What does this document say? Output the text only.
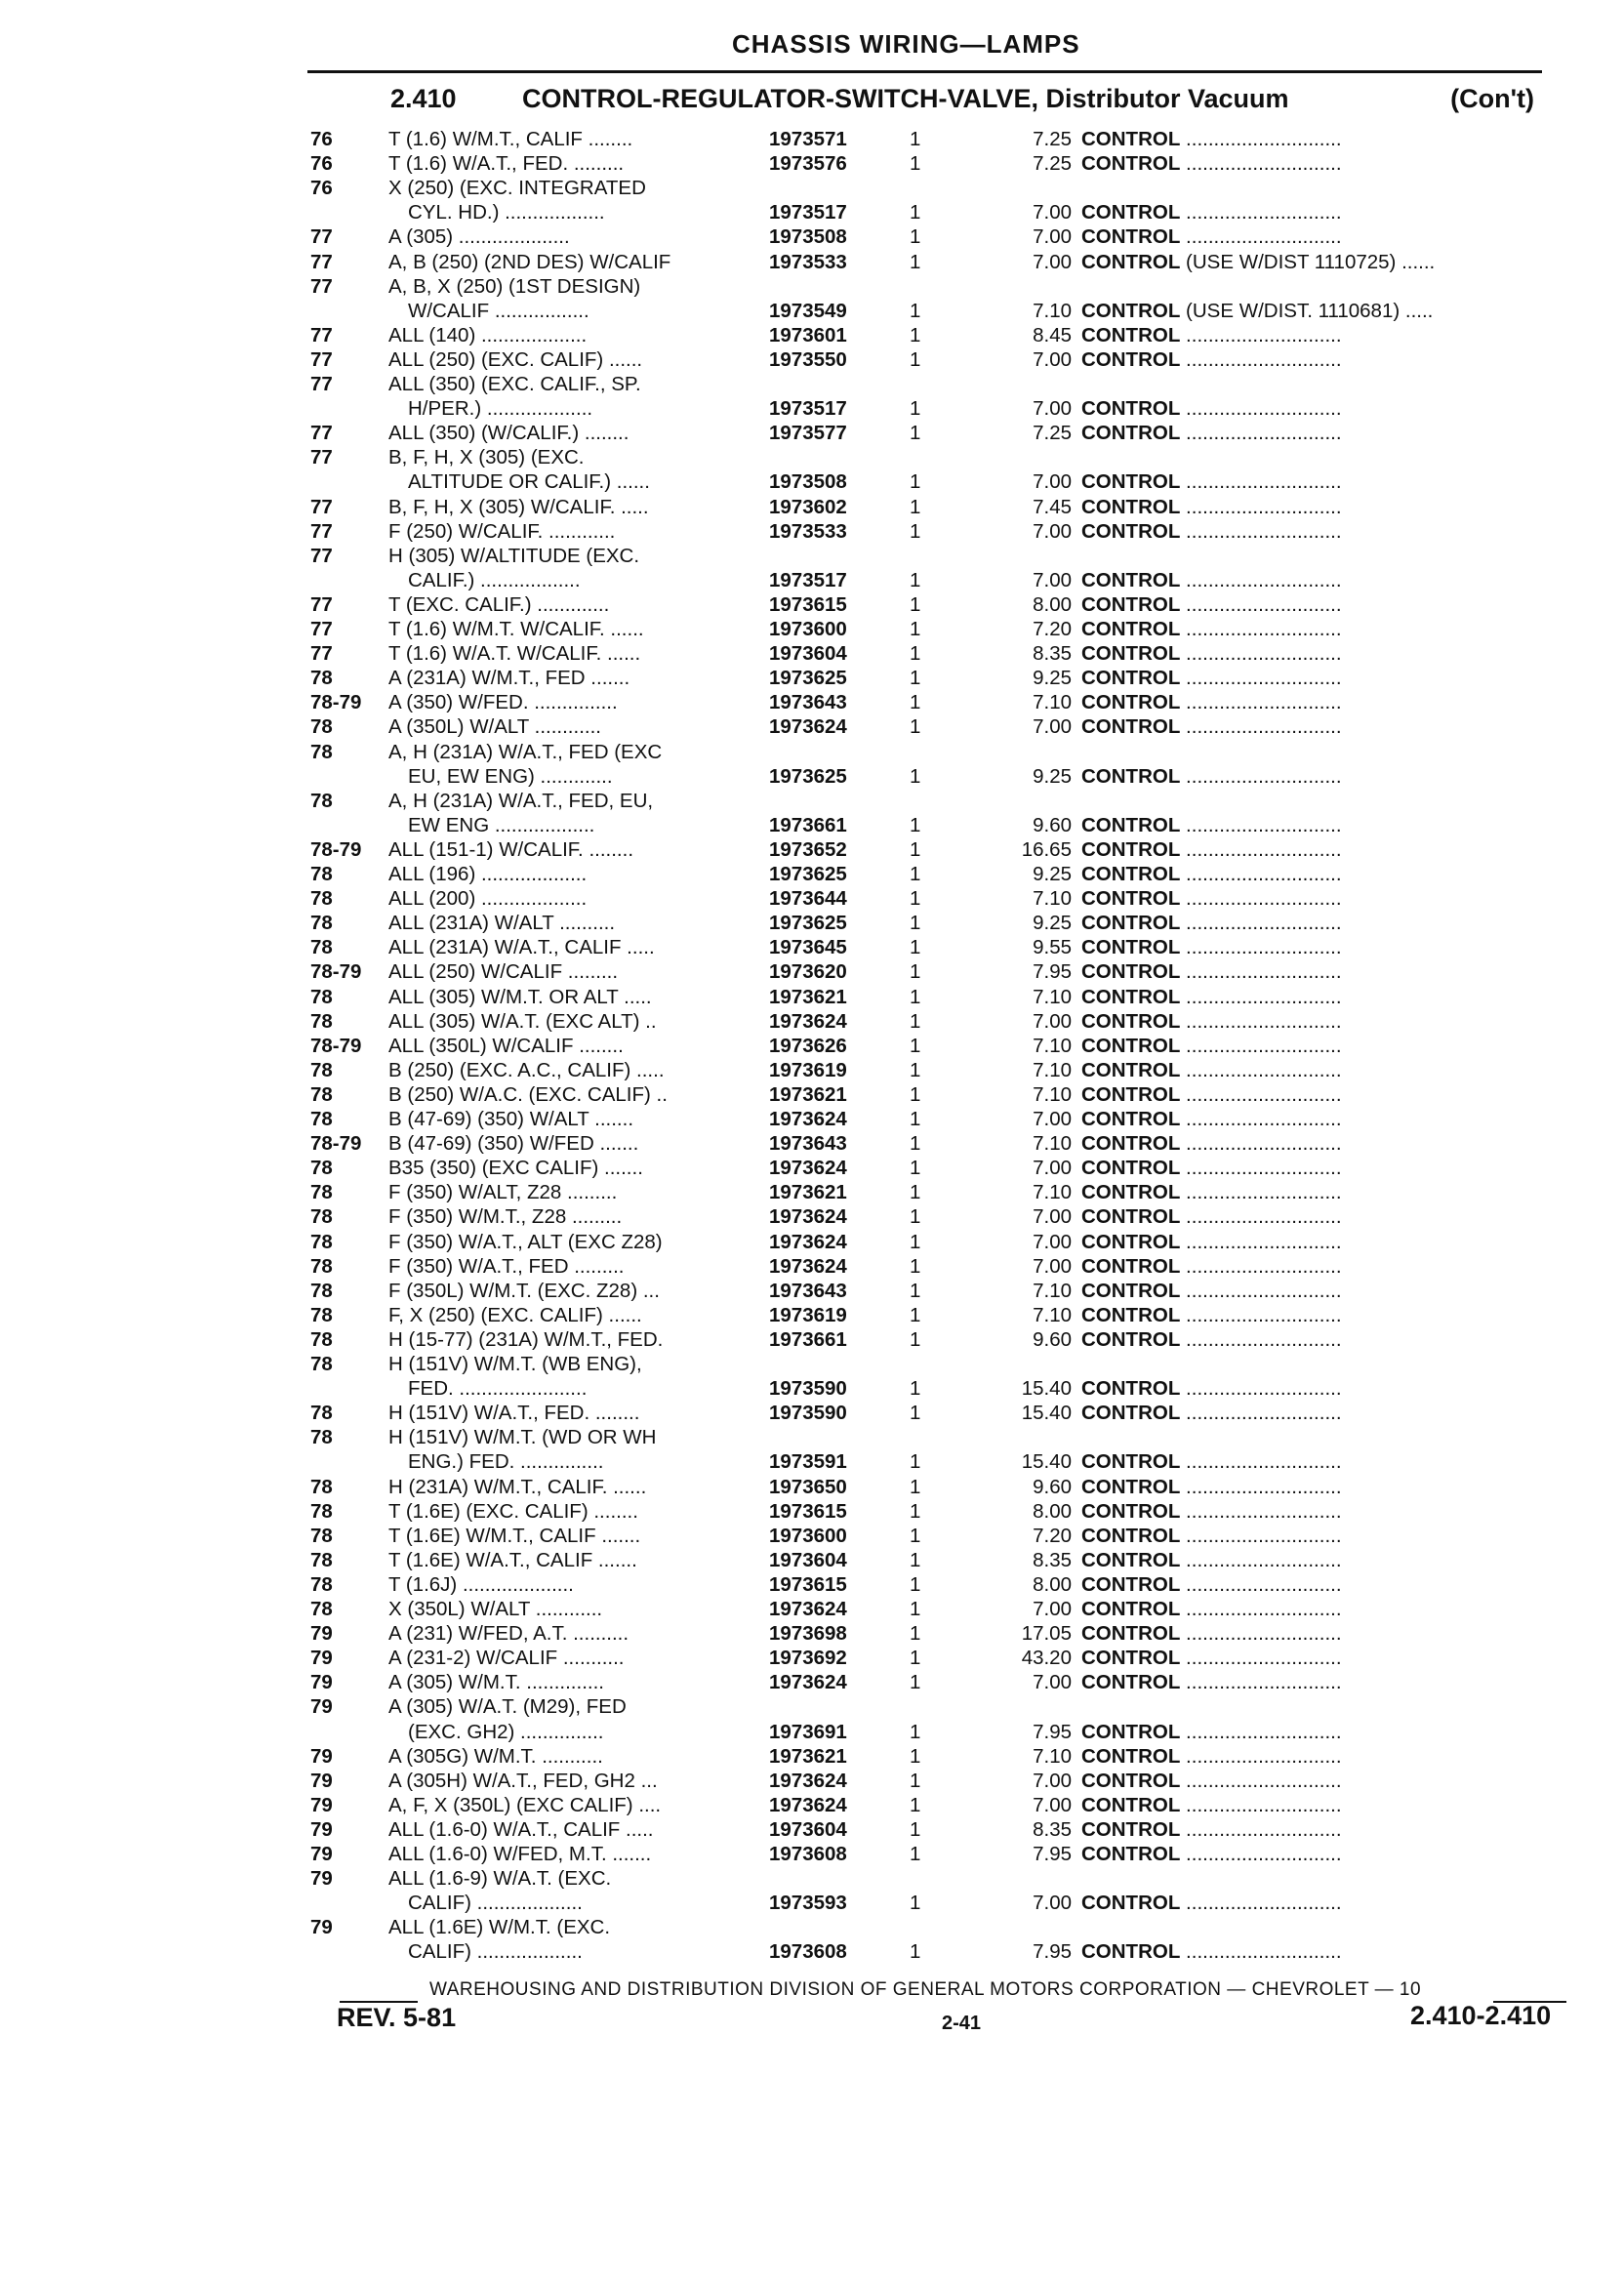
CHASSIS WIRING—LAMPS
2.410 CONTROL-REGULATOR-SWITCH-VALVE, Distributor Vacuum	(Con't)
76	T (1.6) W/M.T., CALIF ........	1973571	1	7.25 CONTROL ............................
76	T (1.6) W/A.T., FED. .........	1973576	1	7.25 CONTROL ............................
76	X (250) (EXC. INTEGRATED
CYL. HD.) ..................	1973517	1	7.00 CONTROL ............................
77	A (305) ....................	1973508	1	7.00 CONTROL ............................
77	A, B (250) (2ND DES) W/CALIF	1973533	1	7.00 CONTROL (USE W/DIST 1110725) ......
77	A, B, X (250) (1ST DESIGN)
W/CALIF .................	1973549	1	7.10 CONTROL (USE W/DIST. 1110681) .....
77	ALL (140) ...................	1973601	1	8.45 CONTROL ............................
77	ALL (250) (EXC. CALIF) ......	1973550	1	7.00 CONTROL ............................
77	ALL (350) (EXC. CALIF., SP.
H/PER.) ...................	1973517	1	7.00 CONTROL ............................
77	ALL (350) (W/CALIF.) ........	1973577	1	7.25 CONTROL ............................
77	B, F, H, X (305) (EXC.
ALTITUDE OR CALIF.) ......	1973508	1	7.00 CONTROL ............................
77	B, F, H, X (305) W/CALIF. .....	1973602	1	7.45 CONTROL ............................
77	F (250) W/CALIF. ............	1973533	1	7.00 CONTROL ............................
77	H (305) W/ALTITUDE (EXC.
CALIF.) ..................	1973517	1	7.00 CONTROL ............................
77	T (EXC. CALIF.) .............	1973615	1	8.00 CONTROL ............................
77	T (1.6) W/M.T. W/CALIF. ......	1973600	1	7.20 CONTROL ............................
77	T (1.6) W/A.T. W/CALIF. ......	1973604	1	8.35 CONTROL ............................
78	A (231A) W/M.T., FED .......	1973625	1	9.25 CONTROL ............................
78-79 A (350) W/FED. ...............	1973643	1	7.10 CONTROL ............................
78	A (350L) W/ALT ............	1973624	1	7.00 CONTROL ............................
78	A, H (231A) W/A.T., FED (EXC
EU, EW ENG) .............	1973625	1	9.25 CONTROL ............................
78	A, H (231A) W/A.T., FED, EU,
EW ENG ..................	1973661	1	9.60 CONTROL ............................
78-79 ALL (151-1) W/CALIF. ........	1973652	1	16.65 CONTROL ............................
78	ALL (196) ...................	1973625	1	9.25 CONTROL ............................
78	ALL (200) ...................	1973644	1	7.10 CONTROL ............................
78	ALL (231A) W/ALT ..........	1973625	1	9.25 CONTROL ............................
78	ALL (231A) W/A.T., CALIF .....	1973645	1	9.55 CONTROL ............................
78-79 ALL (250) W/CALIF .........	1973620	1	7.95 CONTROL ............................
78	ALL (305) W/M.T. OR ALT .....	1973621	1	7.10 CONTROL ............................
78	ALL (305) W/A.T. (EXC ALT) ..	1973624	1	7.00 CONTROL ............................
78-79 ALL (350L) W/CALIF ........	1973626	1	7.10 CONTROL ............................
78	B (250) (EXC. A.C., CALIF) .....	1973619	1	7.10 CONTROL ............................
78	B (250) W/A.C. (EXC. CALIF) ..	1973621	1	7.10 CONTROL ............................
78	B (47-69) (350) W/ALT .......	1973624	1	7.00 CONTROL ............................
78-79 B (47-69) (350) W/FED .......	1973643	1	7.10 CONTROL ............................
78	B35 (350) (EXC CALIF) .......	1973624	1	7.00 CONTROL ............................
78	F (350) W/ALT, Z28 .........	1973621	1	7.10 CONTROL ............................
78	F (350) W/M.T., Z28 .........	1973624	1	7.00 CONTROL ............................
78	F (350) W/A.T., ALT (EXC Z28)	1973624	1	7.00 CONTROL ............................
78	F (350) W/A.T., FED .........	1973624	1	7.00 CONTROL ............................
78	F (350L) W/M.T. (EXC. Z28) ...	1973643	1	7.10 CONTROL ............................
78	F, X (250) (EXC. CALIF) ......	1973619	1	7.10 CONTROL ............................
78	H (15-77) (231A) W/M.T., FED.	1973661	1	9.60 CONTROL ............................
78	H (151V) W/M.T. (WB ENG),
FED. .......................	1973590	1	15.40 CONTROL ............................
78	H (151V) W/A.T., FED. ........	1973590	1	15.40 CONTROL ............................
78	H (151V) W/M.T. (WD OR WH
ENG.) FED. ...............	1973591	1	15.40 CONTROL ............................
78	H (231A) W/M.T., CALIF. ......	1973650	1	9.60 CONTROL ............................
78	T (1.6E) (EXC. CALIF) ........	1973615	1	8.00 CONTROL ............................
78	T (1.6E) W/M.T., CALIF .......	1973600	1	7.20 CONTROL ............................
78	T (1.6E) W/A.T., CALIF .......	1973604	1	8.35 CONTROL ............................
78	T (1.6J) ....................	1973615	1	8.00 CONTROL ............................
78	X (350L) W/ALT ............	1973624	1	7.00 CONTROL ............................
79	A (231) W/FED, A.T. ..........	1973698	1	17.05 CONTROL ............................
79	A (231-2) W/CALIF ...........	1973692	1	43.20 CONTROL ............................
79	A (305) W/M.T. ..............	1973624	1	7.00 CONTROL ............................
79	A (305) W/A.T. (M29), FED
(EXC. GH2) ...............	1973691	1	7.95 CONTROL ............................
79	A (305G) W/M.T. ...........	1973621	1	7.10 CONTROL ............................
79	A (305H) W/A.T., FED, GH2 ...	1973624	1	7.00 CONTROL ............................
79	A, F, X (350L) (EXC CALIF) ....	1973624	1	7.00 CONTROL ............................
79	ALL (1.6-0) W/A.T., CALIF .....	1973604	1	8.35 CONTROL ............................
79	ALL (1.6-0) W/FED, M.T. .......	1973608	1	7.95 CONTROL ............................
79	ALL (1.6-9) W/A.T. (EXC.
CALIF) ...................	1973593	1	7.00 CONTROL ............................
79	ALL (1.6E) W/M.T. (EXC.
CALIF) ...................	1973608	1	7.95 CONTROL ............................
WAREHOUSING AND DISTRIBUTION DIVISION OF GENERAL MOTORS CORPORATION — CHEVROLET — 10
REV. 5-81	2-41	2.410-2.410
